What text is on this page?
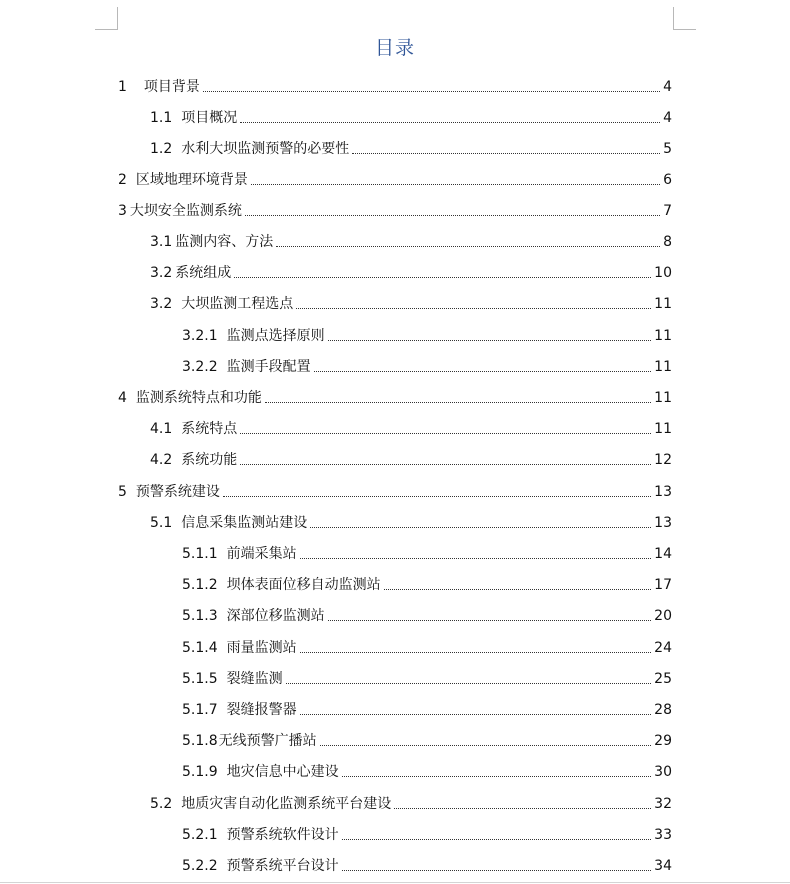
目录
1 项目背景	4
1.1 项目概况	4
1.2 水利大坝监测预警的必要性	5
2 区域地理环境背景	6
3 大坝安全监测系统	7
3.1 监测内容、方法	8
3.2 系统组成	10
3.2 大坝监测工程选点	11
3.2.1 监测点选择原则	11
3.2.2 监测手段配置	11
4 监测系统特点和功能	11
4.1 系统特点	11
4.2 系统功能	12
5 预警系统建设	13
5.1 信息采集监测站建设	13
5.1.1 前端采集站	14
5.1.2 坝体表面位移自动监测站	17
5.1.3 深部位移监测站	20
5.1.4 雨量监测站	24
5.1.5 裂缝监测	25
5.1.7 裂缝报警器	28
5.1.8 无线预警广播站	29
5.1.9 地灾信息中心建设	30
5.2 地质灾害自动化监测系统平台建设	32
5.2.1 预警系统软件设计	33
5.2.2 预警系统平台设计	34
